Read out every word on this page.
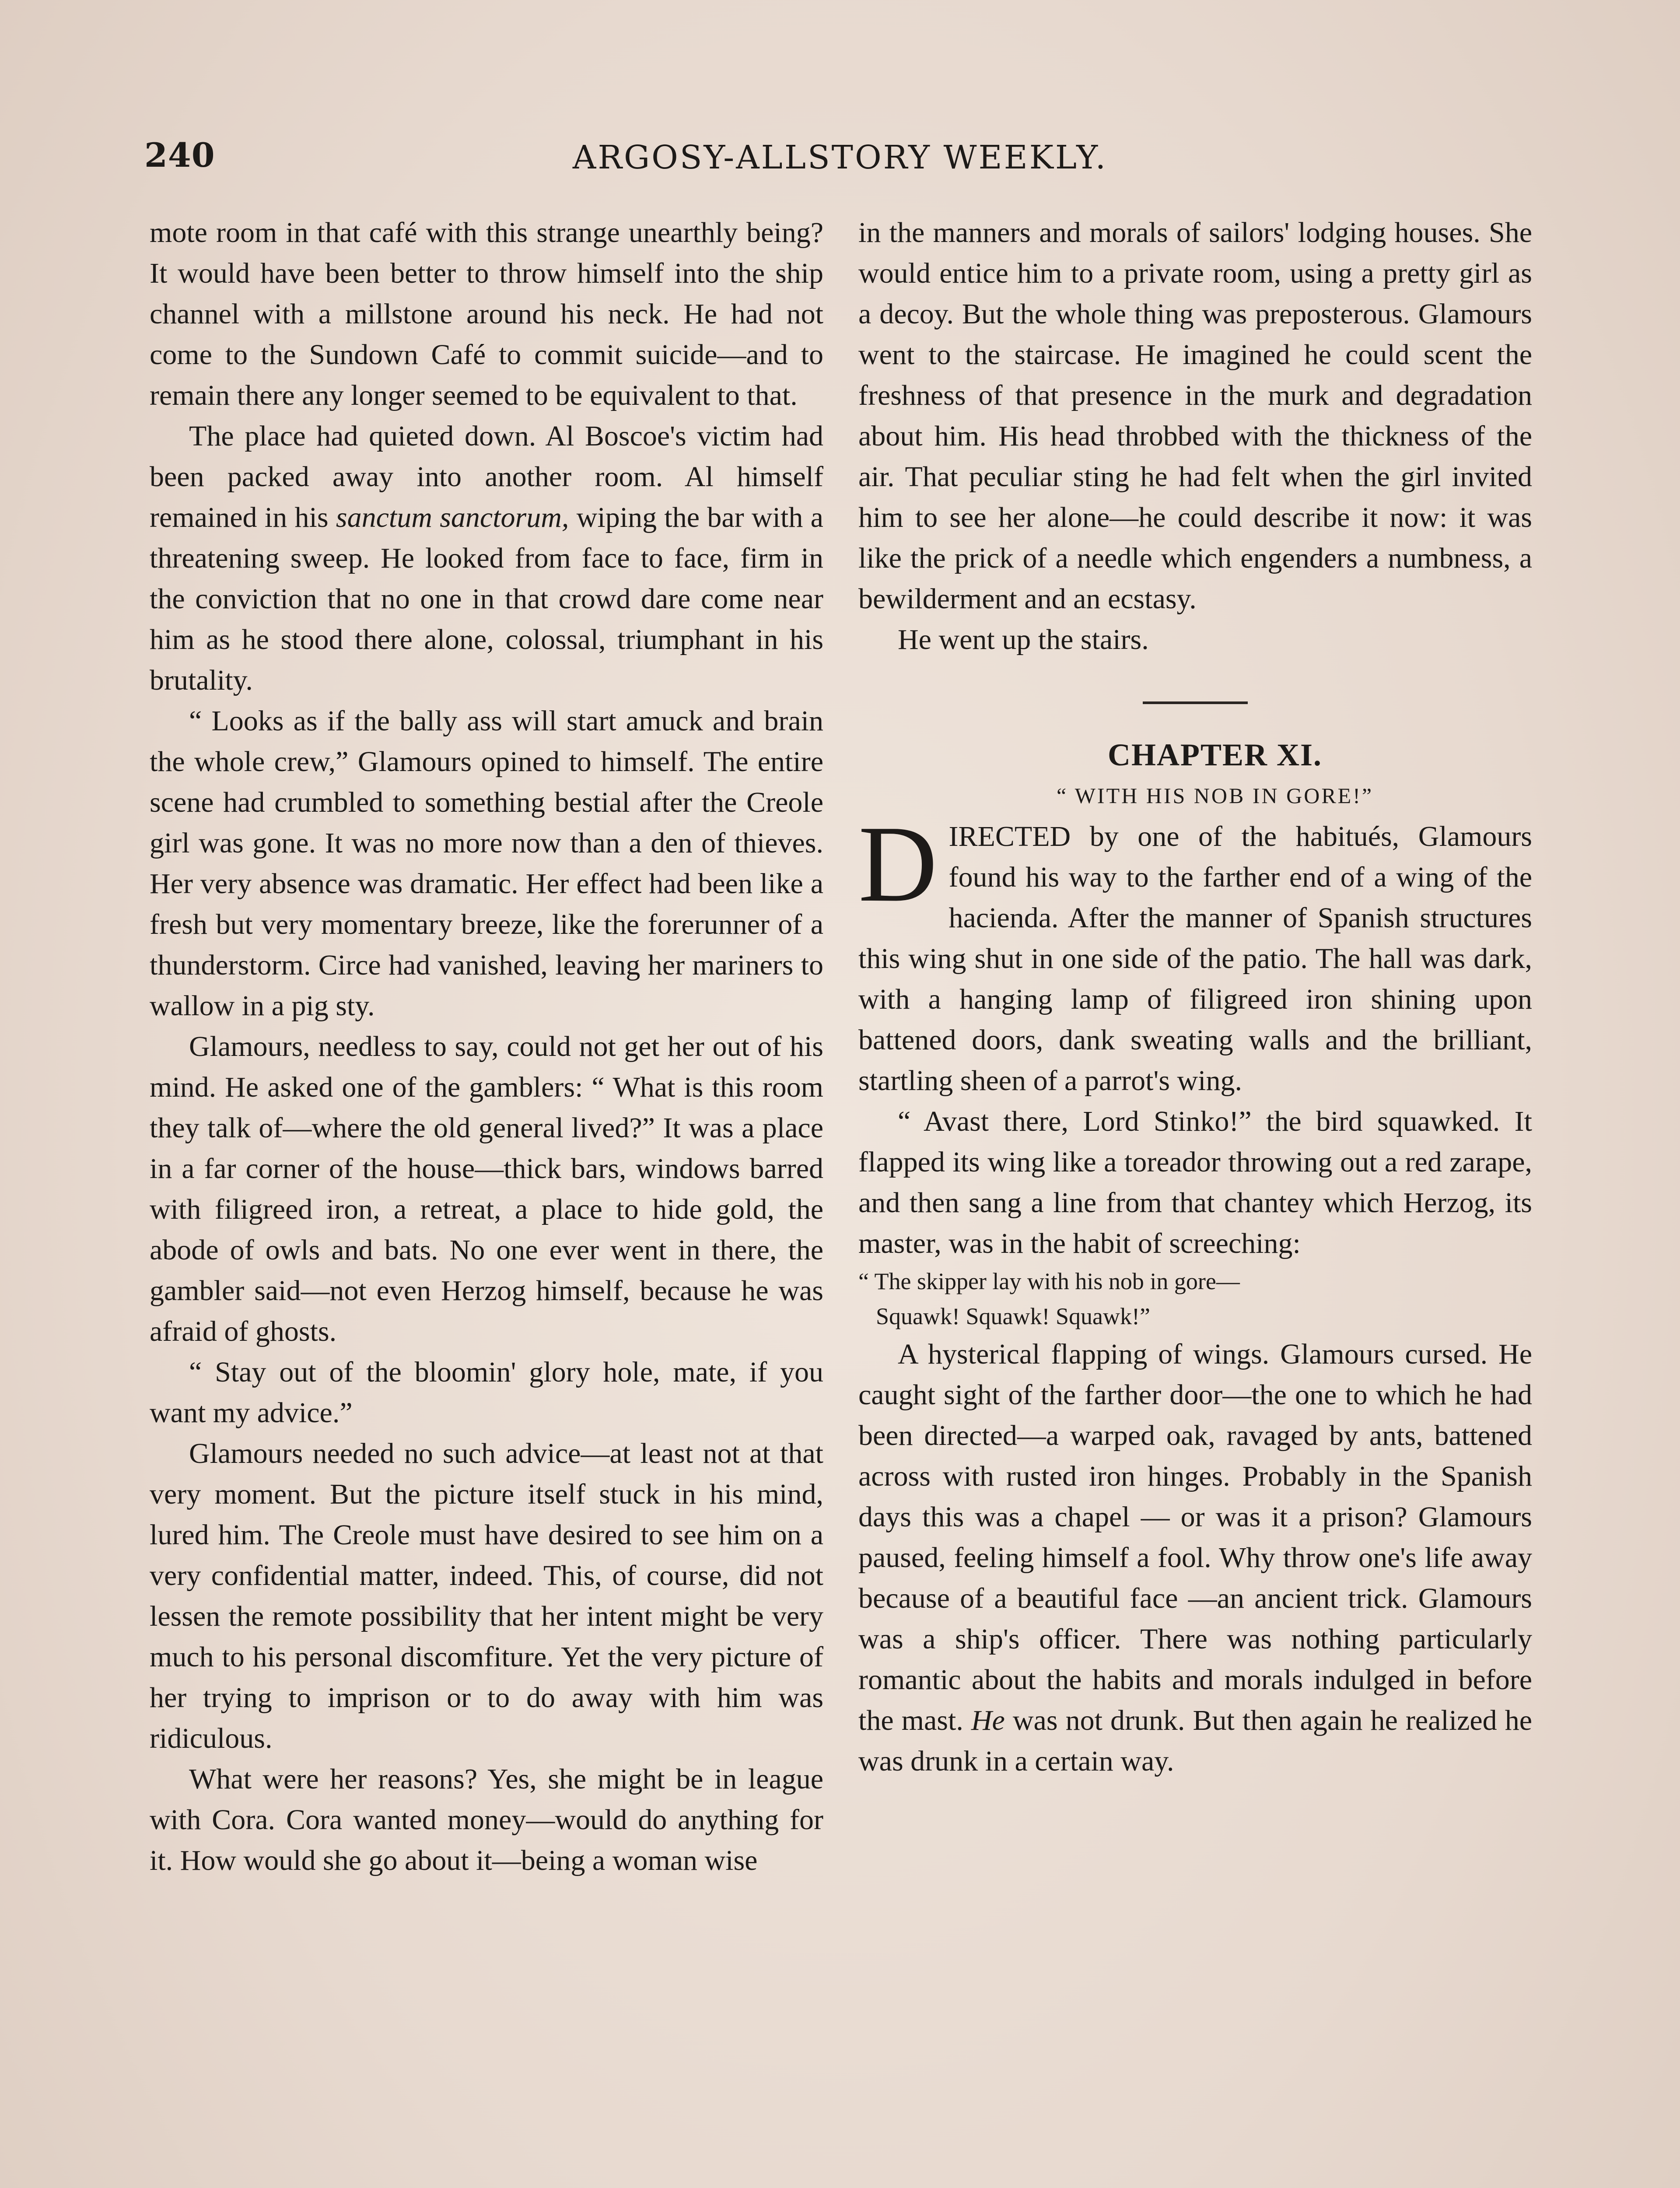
240	ARGOSY-ALLSTORY WEEKLY.

mote room in that café with this strange unearthly being? It would have been better to throw himself into the ship channel with a millstone around his neck. He had not come to the Sundown Café to commit suicide—and to remain there any longer seemed to be equivalent to that.

The place had quieted down. Al Boscoe's victim had been packed away into another room. Al himself remained in his sanctum sanctorum, wiping the bar with a threatening sweep. He looked from face to face, firm in the conviction that no one in that crowd dare come near him as he stood there alone, colossal, triumphant in his brutality.

“ Looks as if the bally ass will start amuck and brain the whole crew,” Glamours opined to himself. The entire scene had crumbled to something bestial after the Creole girl was gone. It was no more now than a den of thieves. Her very absence was dramatic. Her effect had been like a fresh but very momentary breeze, like the forerunner of a thunderstorm. Circe had vanished, leaving her mariners to wallow in a pig sty.

Glamours, needless to say, could not get her out of his mind. He asked one of the gamblers: “ What is this room they talk of—where the old general lived?” It was a place in a far corner of the house—thick bars, windows barred with filigreed iron, a retreat, a place to hide gold, the abode of owls and bats. No one ever went in there, the gambler said—not even Herzog himself, because he was afraid of ghosts.

“ Stay out of the bloomin' glory hole, mate, if you want my advice.”

Glamours needed no such advice—at least not at that very moment. But the picture itself stuck in his mind, lured him. The Creole must have desired to see him on a very confidential matter, indeed. This, of course, did not lessen the remote possibility that her intent might be very much to his personal discomfiture. Yet the very picture of her trying to imprison or to do away with him was ridiculous.

What were her reasons? Yes, she might be in league with Cora. Cora wanted money—would do anything for it. How would she go about it—being a woman wise

in the manners and morals of sailors' lodging houses. She would entice him to a private room, using a pretty girl as a decoy. But the whole thing was preposterous. Glamours went to the staircase. He imagined he could scent the freshness of that presence in the murk and degradation about him. His head throbbed with the thickness of the air. That peculiar sting he had felt when the girl invited him to see her alone—he could describe it now: it was like the prick of a needle which engenders a numbness, a bewilderment and an ecstasy.

He went up the stairs.

CHAPTER XI.

“ WITH HIS NOB IN GORE!”

DIRECTED by one of the habitués, Glamours found his way to the farther end of a wing of the hacienda. After the manner of Spanish structures this wing shut in one side of the patio. The hall was dark, with a hanging lamp of filigreed iron shining upon battened doors, dank sweating walls and the brilliant, startling sheen of a parrot's wing.

“ Avast there, Lord Stinko!” the bird squawked. It flapped its wing like a toreador throwing out a red zarape, and then sang a line from that chantey which Herzog, its master, was in the habit of screeching:

“ The skipper lay with his nob in gore—
Squawk! Squawk! Squawk!”

A hysterical flapping of wings. Glamours cursed. He caught sight of the farther door—the one to which he had been directed—a warped oak, ravaged by ants, battened across with rusted iron hinges. Probably in the Spanish days this was a chapel — or was it a prison? Glamours paused, feeling himself a fool. Why throw one's life away because of a beautiful face —an ancient trick. Glamours was a ship's officer. There was nothing particularly romantic about the habits and morals indulged in before the mast. He was not drunk. But then again he realized he was drunk in a certain way.
